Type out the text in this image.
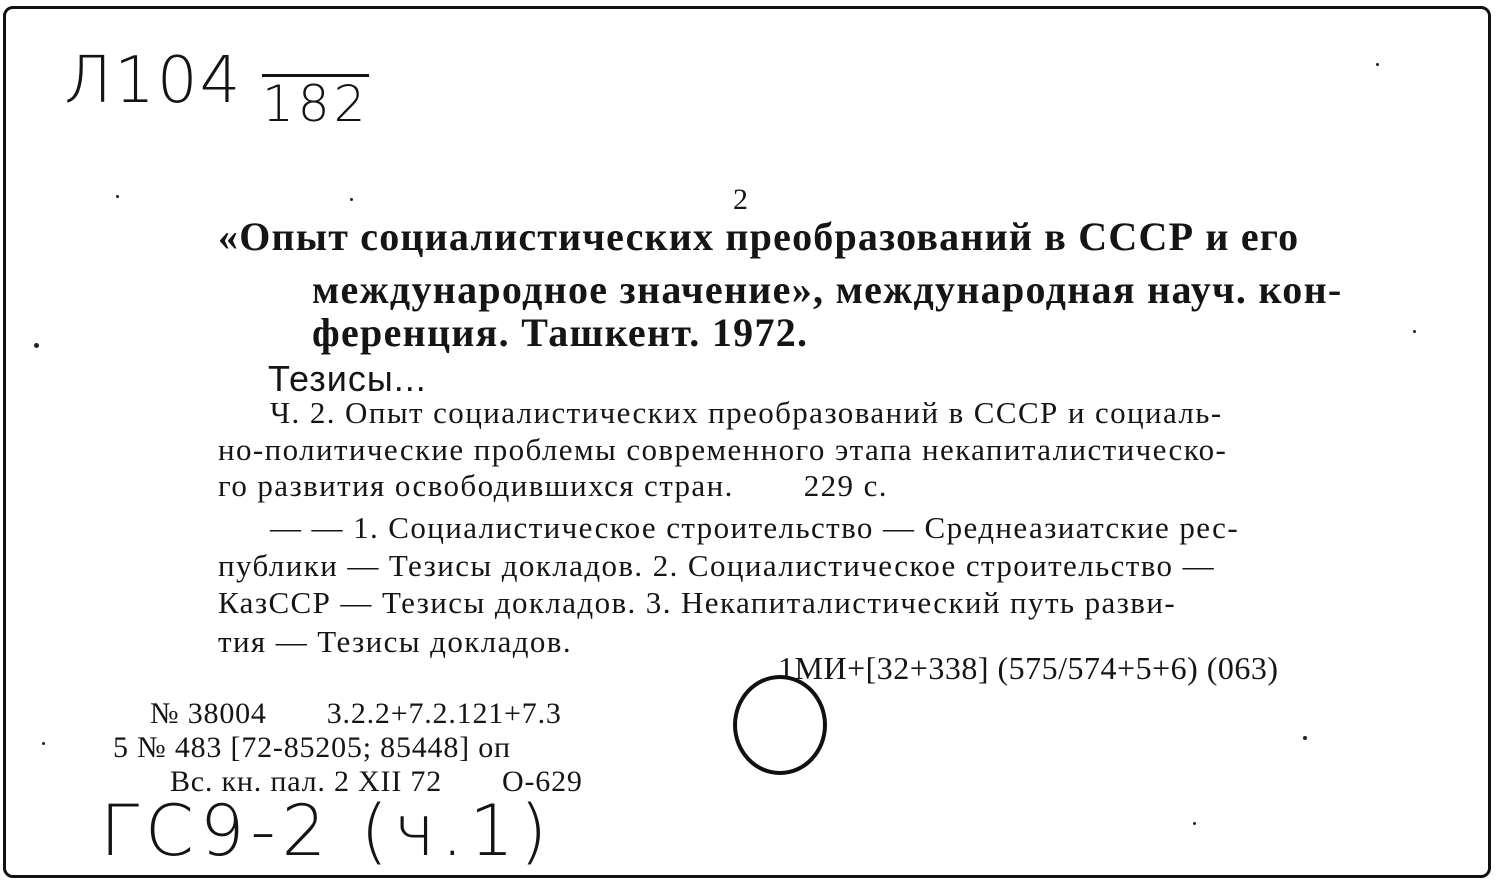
Л104 182
2
«Опыт социалистических преобразований в СССР и его
международное значение», международная науч. кон-
ференция. Ташкент. 1972.
Тезисы...
Ч. 2. Опыт социалистических преобразований в СССР и социаль-
но-политические проблемы современного этапа некапиталистическо-
го развития освободившихся стран. 229 с.
— — 1. Социалистическое строительство — Среднеазиатские рес-
публики — Тезисы докладов. 2. Социалистическое строительство —
КазССР — Тезисы докладов. 3. Некапиталистический путь разви-
тия — Тезисы докладов.
1МИ+[32+338] (575/574+5+6) (063)
№ 38004 3.2.2+7.2.121+7.3
5 № 483 [72-85205; 85448] оп
Вс. кн. пал. 2 XII 72 О-629
ГС9-2 (ч.1)
